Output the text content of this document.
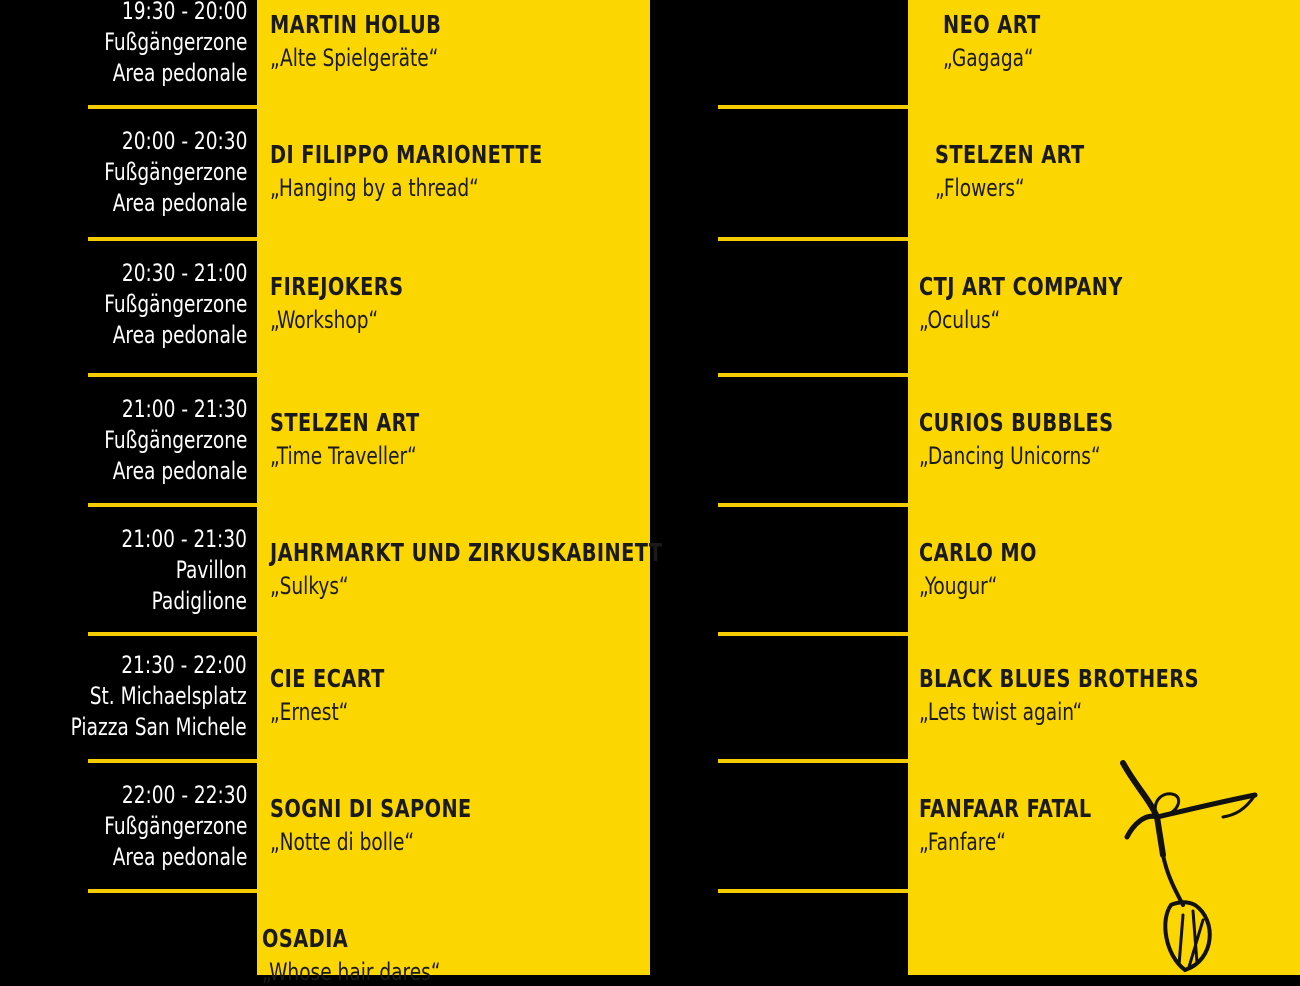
MARTIN HOLUB
„Alte Spielgeräte“
DI FILIPPO MARIONETTE
„Hanging by a thread“
FIREJOKERS
„Workshop“
STELZEN ART
„Time Traveller“
JAHRMARKT UND ZIRKUSKABINETT
„Sulkys“
CIE ECART
„Ernest“
SOGNI DI SAPONE
„Notte di bolle“
OSADIA
„Whose hair dares“
19:30 - 20:00
Fußgängerzone
Area pedonale
NEO ART
„Gagaga“
20:00 - 20:30
Fußgängerzone
Area pedonale
STELZEN ART
„Flowers“
20:30 - 21:00
Fußgängerzone
Area pedonale
CTJ ART COMPANY
„Oculus“
21:00 - 21:30
Fußgängerzone
Area pedonale
CURIOS BUBBLES
„Dancing Unicorns“
21:00 - 21:30
Pavillon
Padiglione
CARLO MO
„Yougur“
21:30 - 22:00
St. Michaelsplatz
Piazza San Michele
BLACK BLUES BROTHERS
„Lets twist again“
22:00 - 22:30
Fußgängerzone
Area pedonale
FANFAAR FATAL
„Fanfare“
